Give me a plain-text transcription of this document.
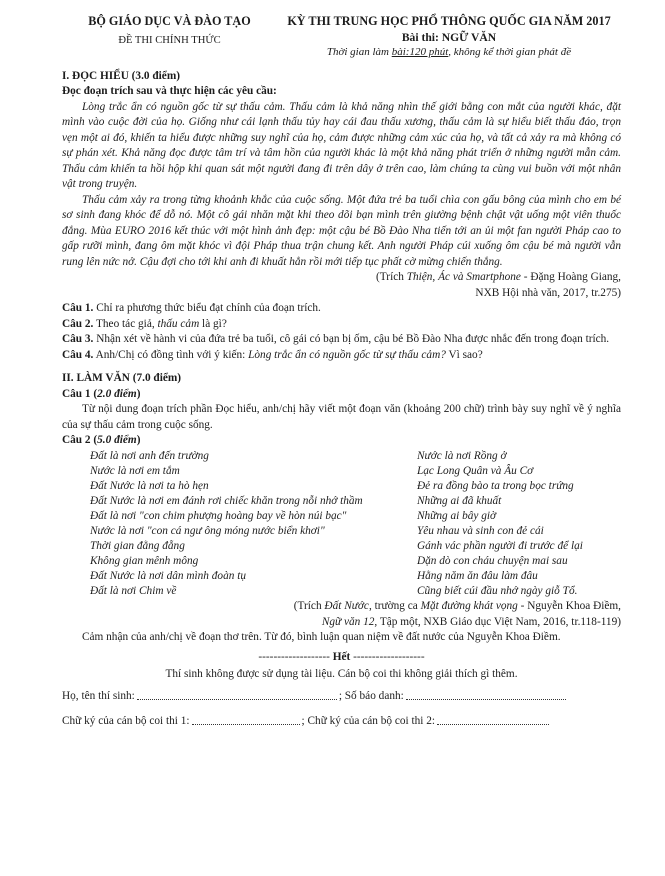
BỘ GIÁO DỤC VÀ ĐÀO TẠO
ĐỀ THI CHÍNH THỨC
KỲ THI TRUNG HỌC PHỔ THÔNG QUỐC GIA NĂM 2017
Bài thi: NGỮ VĂN
Thời gian làm bài:120 phút, không kể thời gian phát đề
I. ĐỌC HIỂU (3.0 điểm)
Đọc đoạn trích sau và thực hiện các yêu cầu:

Lòng trắc ẩn có nguồn gốc từ sự thấu cảm. Thấu cảm là khả năng nhìn thế giới bằng con mắt của người khác, đặt mình vào cuộc đời của họ. Giống như cái lạnh thấu tủy hay cái đau thấu xương, thấu cảm là sự hiểu biết thấu đáo, trọn vẹn một ai đó, khiến ta hiểu được những suy nghĩ của họ, cảm được những cảm xúc của họ, và tất cả xảy ra mà không có sự phán xét. Khả năng đọc được tâm trí và tâm hồn của người khác là một khả năng phát triển ở những người mẫn cảm. Thấu cảm khiến ta hồi hộp khi quan sát một người đang đi trên dây ở trên cao, làm chúng ta cùng vui buồn với một nhân vật trong truyện.

Thấu cảm xảy ra trong từng khoảnh khắc của cuộc sống. Một đứa trẻ ba tuổi chìa con gấu bông của mình cho em bé sơ sinh đang khóc để dỗ nó. Một cô gái nhăn mặt khi theo dõi bạn mình trên giường bệnh chật vật uống một viên thuốc đắng. Mùa EURO 2016 kết thúc với một hình ảnh đẹp: một cậu bé Bồ Đào Nha tiến tới an ủi một fan người Pháp cao to gấp rưỡi mình, đang ôm mặt khóc vì đội Pháp thua trận chung kết. Anh người Pháp cúi xuống ôm cậu bé mà người vẫn rung lên nức nở. Cậu đợi cho tới khi anh đi khuất hẳn rồi mới tiếp tục phất cờ mừng chiến thắng.

(Trích Thiện, Ác và Smartphone - Đặng Hoàng Giang,

NXB Hội nhà văn, 2017, tr.275)

Câu 1. Chỉ ra phương thức biểu đạt chính của đoạn trích.

Câu 2. Theo tác giả, thấu cảm là gì?

Câu 3. Nhận xét về hành vi của đứa trẻ ba tuổi, cô gái có bạn bị ốm, cậu bé Bồ Đào Nha được nhắc đến trong đoạn trích.

Câu 4. Anh/Chị có đồng tình với ý kiến: Lòng trắc ẩn có nguồn gốc từ sự thấu cảm? Vì sao?

II. LÀM VĂN (7.0 điểm)

Câu 1 (2.0 điểm)

Từ nội dung đoạn trích phần Đọc hiểu, anh/chị hãy viết một đoạn văn (khoảng 200 chữ) trình bày suy nghĩ về ý nghĩa của sự thấu cảm trong cuộc sống.

Câu 2 (5.0 điểm)

Đất là nơi anh đến trường
Nước là nơi em tắm
Đất Nước là nơi ta hò hẹn
Đất Nước là nơi em đánh rơi chiếc khăn trong nỗi nhớ thầm
Đất là nơi "con chim phượng hoàng bay về hòn núi bạc"
Nước là nơi "con cá ngư ông móng nước biển khơi"
Thời gian đằng đẵng
Không gian mênh mông
Đất Nước là nơi dân mình đoàn tụ
Đất là nơi Chim về
Nước là nơi Rồng ở
Lạc Long Quân và Âu Cơ
Đẻ ra đồng bào ta trong bọc trứng
Những ai đã khuất
Những ai bây giờ
Yêu nhau và sinh con đẻ cái
Gánh vác phần người đi trước để lại
Dặn dò con cháu chuyện mai sau
Hằng năm ăn đâu làm đâu
Cũng biết cúi đầu nhớ ngày giỗ Tổ.

(Trích Đất Nước, trường ca Mặt đường khát vọng - Nguyễn Khoa Điềm,

Ngữ văn 12, Tập một, NXB Giáo dục Việt Nam, 2016, tr.118-119)

Cảm nhận của anh/chị về đoạn thơ trên. Từ đó, bình luận quan niệm về đất nước của Nguyễn Khoa Điềm.

------------------- Hết -------------------

Thí sinh không được sử dụng tài liệu. Cán bộ coi thi không giải thích gì thêm.

Họ, tên thí sinh:	; Số báo danh:

Chữ ký của cán bộ coi thi 1:	; Chữ ký của cán bộ coi thi 2:
